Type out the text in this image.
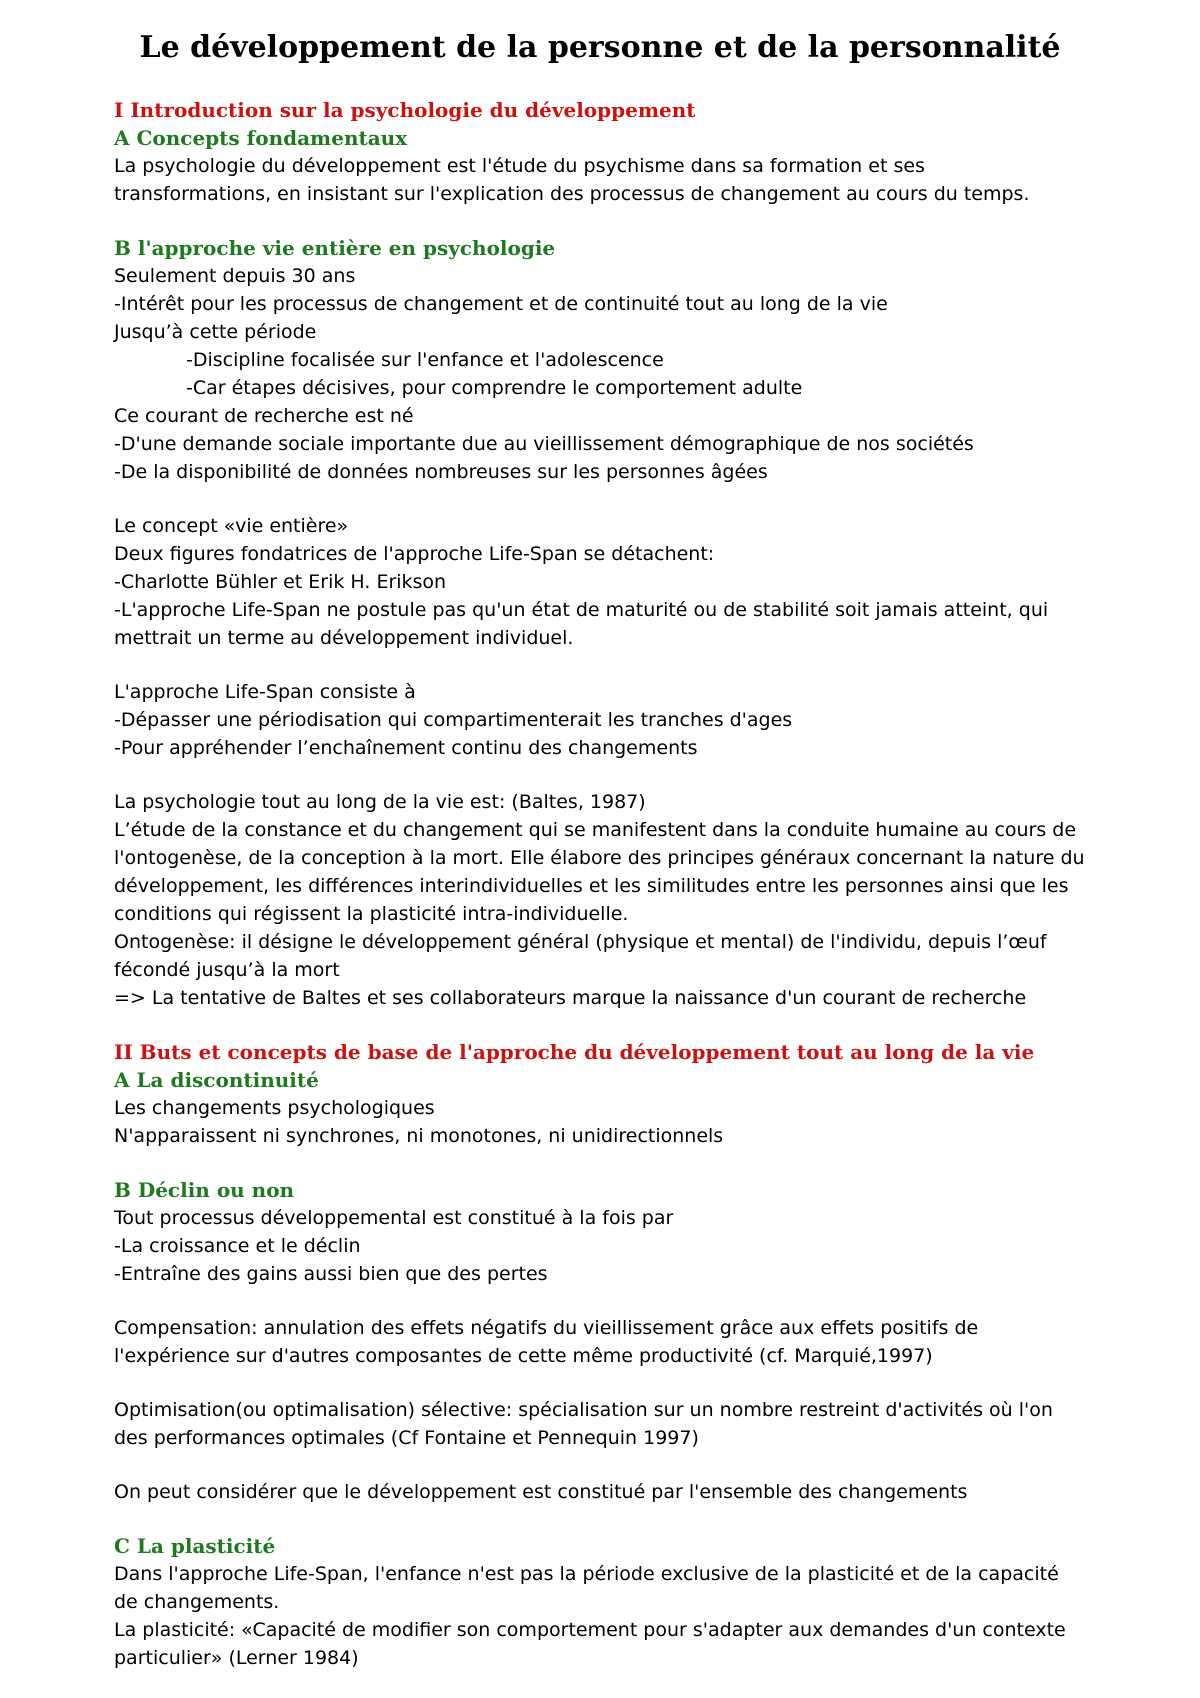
Le développement de la personne et de la personnalité
I Introduction sur la psychologie du développement
A Concepts fondamentaux
La psychologie du développement est l'étude du psychisme dans sa formation et ses
transformations, en insistant sur l'explication des processus de changement au cours du temps.
B l'approche vie entière en psychologie
Seulement depuis 30 ans
-Intérêt pour les processus de changement et de continuité tout au long de la vie
Jusqu’à cette période
-Discipline focalisée sur l'enfance et l'adolescence
-Car étapes décisives, pour comprendre le comportement adulte
Ce courant de recherche est né
-D'une demande sociale importante due au vieillissement démographique de nos sociétés
-De la disponibilité de données nombreuses sur les personnes âgées
Le concept «vie entière»
Deux figures fondatrices de l'approche Life-Span se détachent:
-Charlotte Bühler et Erik H. Erikson
-L'approche Life-Span ne postule pas qu'un état de maturité ou de stabilité soit jamais atteint, qui
mettrait un terme au développement individuel.
L'approche Life-Span consiste à
-Dépasser une périodisation qui compartimenterait les tranches d'ages
-Pour appréhender l’enchaînement continu des changements
La psychologie tout au long de la vie est: (Baltes, 1987)
L’étude de la constance et du changement qui se manifestent dans la conduite humaine au cours de
l'ontogenèse, de la conception à la mort. Elle élabore des principes généraux concernant la nature du
développement, les différences interindividuelles et les similitudes entre les personnes ainsi que les
conditions qui régissent la plasticité intra-individuelle.
Ontogenèse: il désigne le développement général (physique et mental) de l'individu, depuis l’œuf
fécondé jusqu’à la mort
=> La tentative de Baltes et ses collaborateurs marque la naissance d'un courant de recherche
II Buts et concepts de base de l'approche du développement tout au long de la vie
A La discontinuité
Les changements psychologiques
N'apparaissent ni synchrones, ni monotones, ni unidirectionnels
B Déclin ou non
Tout processus développemental est constitué à la fois par
-La croissance et le déclin
-Entraîne des gains aussi bien que des pertes
Compensation: annulation des effets négatifs du vieillissement grâce aux effets positifs de
l'expérience sur d'autres composantes de cette même productivité (cf. Marquié,1997)
Optimisation(ou optimalisation) sélective: spécialisation sur un nombre restreint d'activités où l'on
des performances optimales (Cf Fontaine et Pennequin 1997)
On peut considérer que le développement est constitué par l'ensemble des changements
C La plasticité
Dans l'approche Life-Span, l'enfance n'est pas la période exclusive de la plasticité et de la capacité
de changements.
La plasticité: «Capacité de modifier son comportement pour s'adapter aux demandes d'un contexte
particulier» (Lerner 1984)
